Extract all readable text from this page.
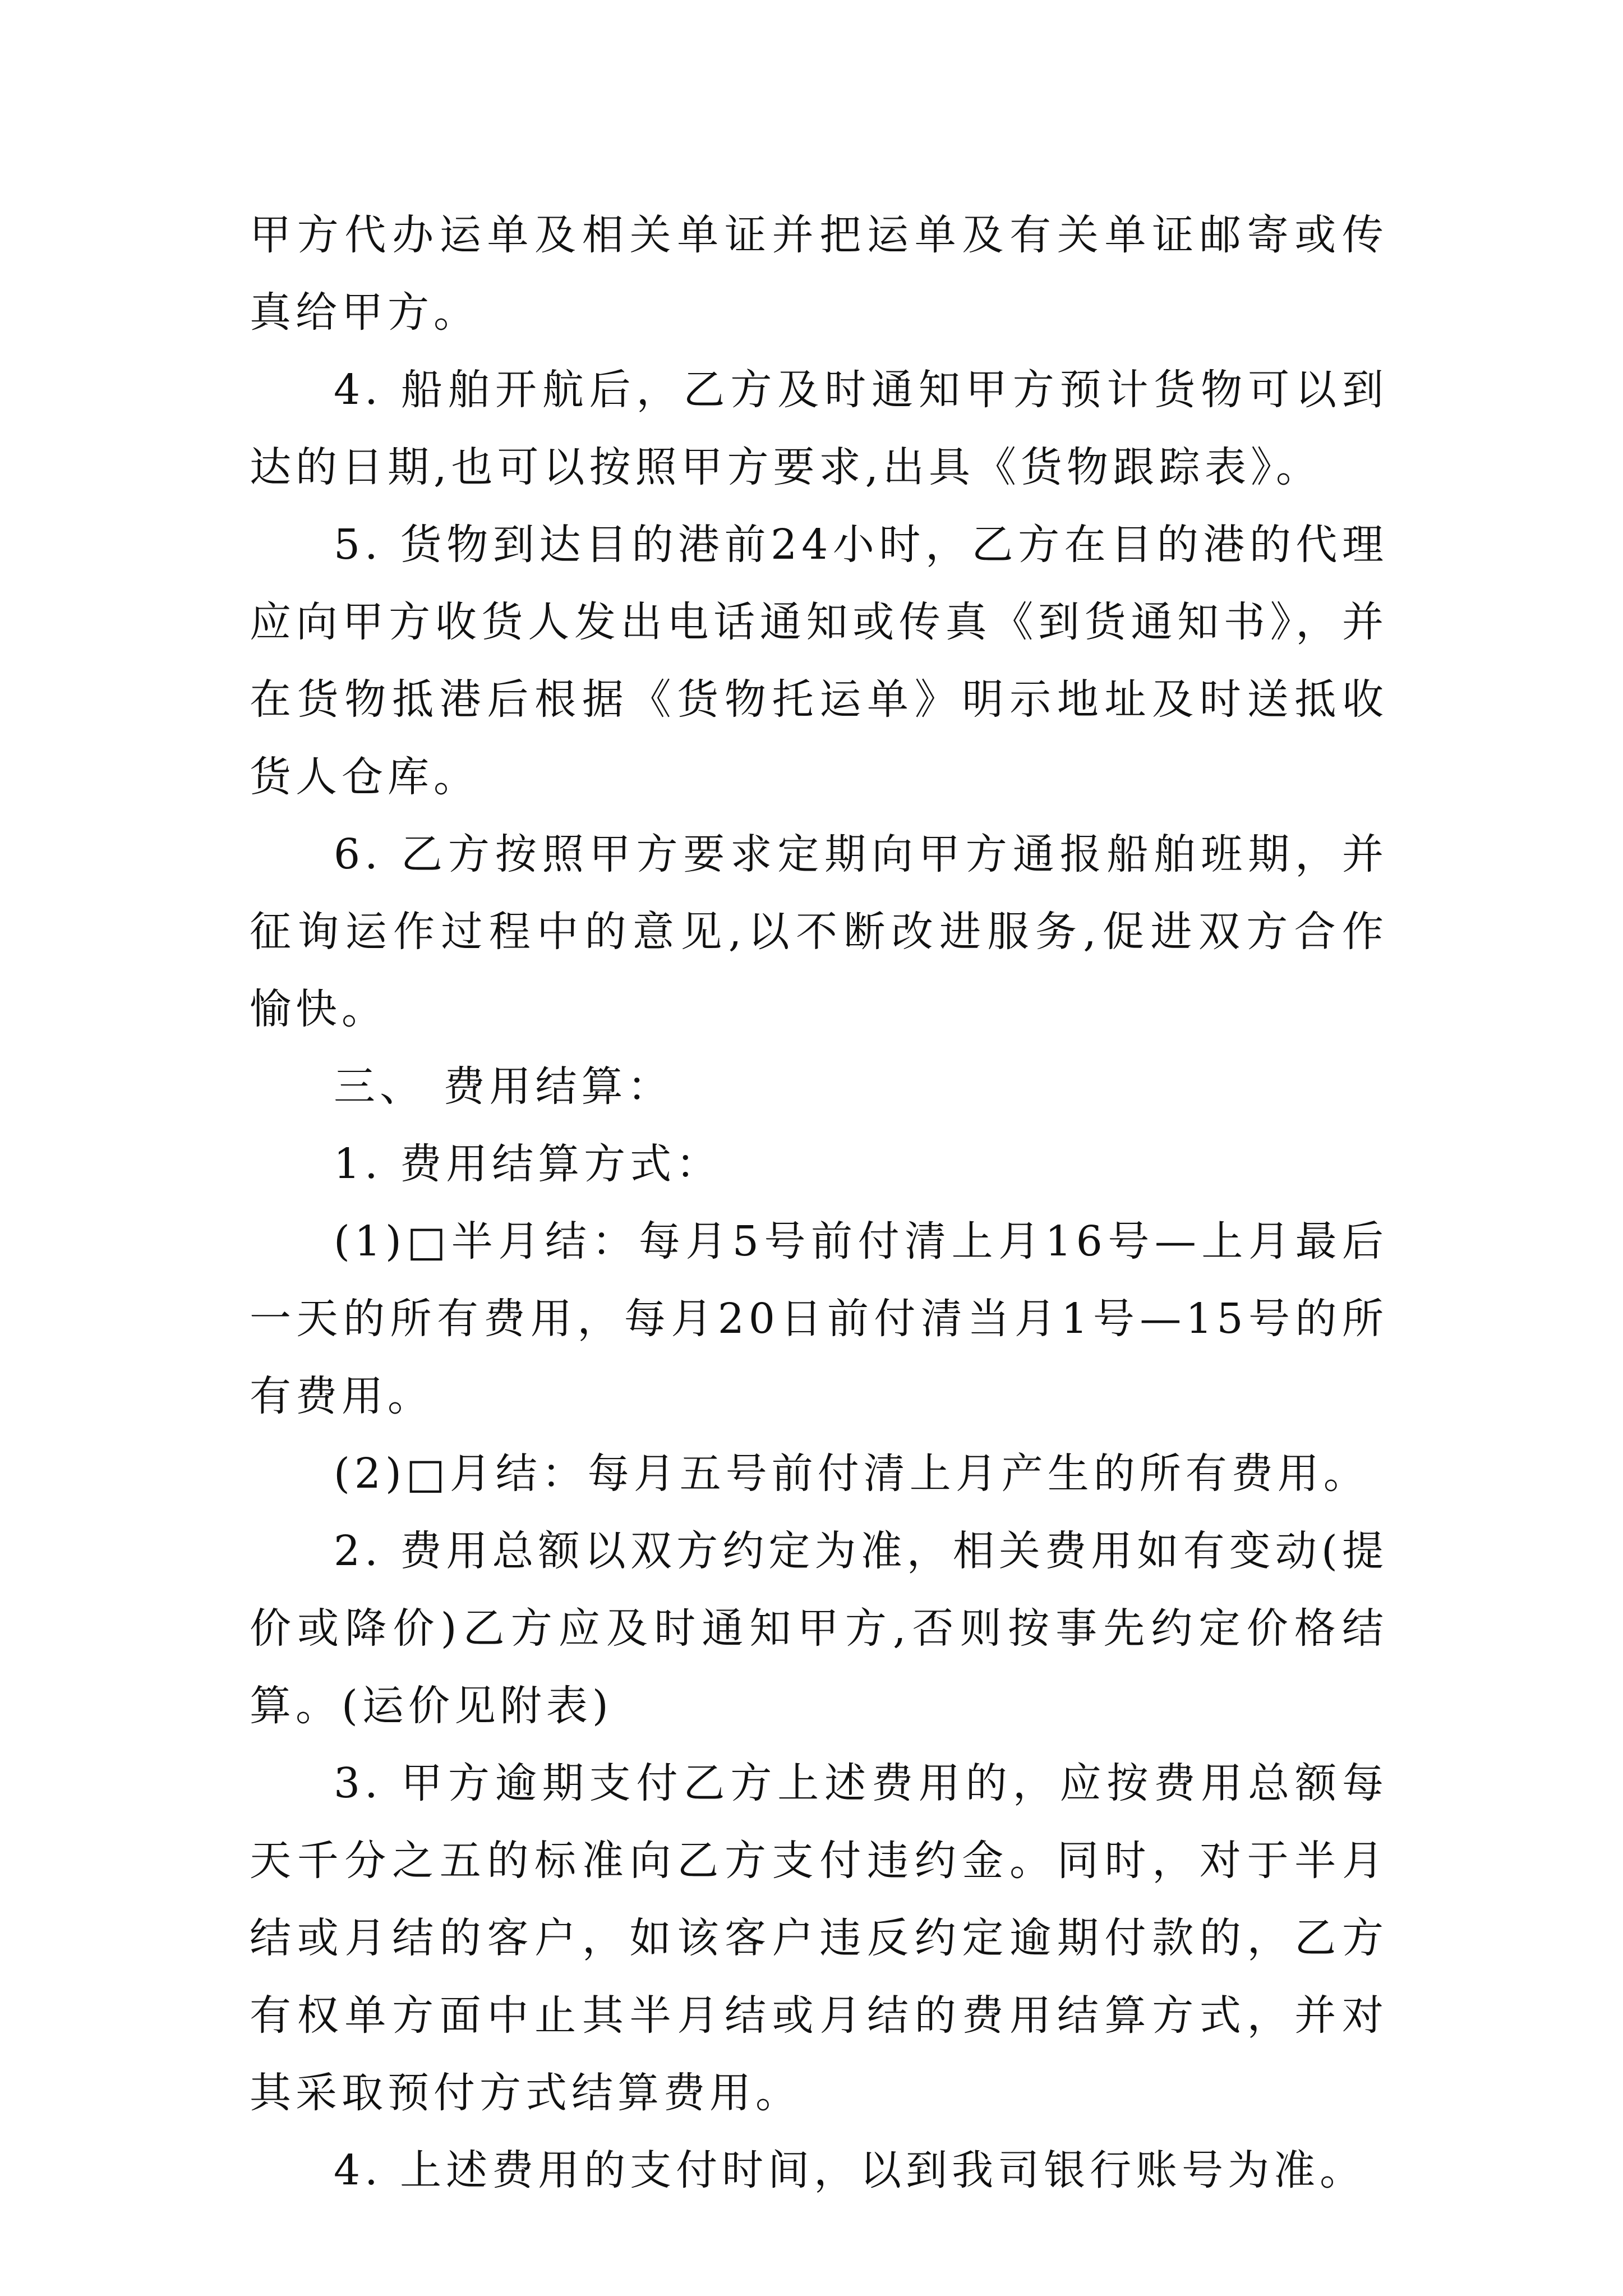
甲方代办运单及相关单证并把运单及有关单证邮寄或传真给甲方。

4. 船舶开航后，乙方及时通知甲方预计货物可以到达的日期,也可以按照甲方要求,出具《货物跟踪表》。

5. 货物到达目的港前24小时，乙方在目的港的代理应向甲方收货人发出电话通知或传真《到货通知书》，并在货物抵港后根据《货物托运单》明示地址及时送抵收货人仓库。

6. 乙方按照甲方要求定期向甲方通报船舶班期，并征询运作过程中的意见,以不断改进服务,促进双方合作愉快。

三、 费用结算：

1. 费用结算方式：

(1)□半月结：每月5号前付清上月16号—上月最后一天的所有费用，每月20日前付清当月1号—15号的所有费用。

(2)□月结：每月五号前付清上月产生的所有费用。

2. 费用总额以双方约定为准，相关费用如有变动(提价或降价)乙方应及时通知甲方,否则按事先约定价格结算。(运价见附表)

3. 甲方逾期支付乙方上述费用的，应按费用总额每天千分之五的标准向乙方支付违约金。同时，对于半月结或月结的客户，如该客户违反约定逾期付款的，乙方有权单方面中止其半月结或月结的费用结算方式，并对其采取预付方式结算费用。

4. 上述费用的支付时间，以到我司银行账号为准。
